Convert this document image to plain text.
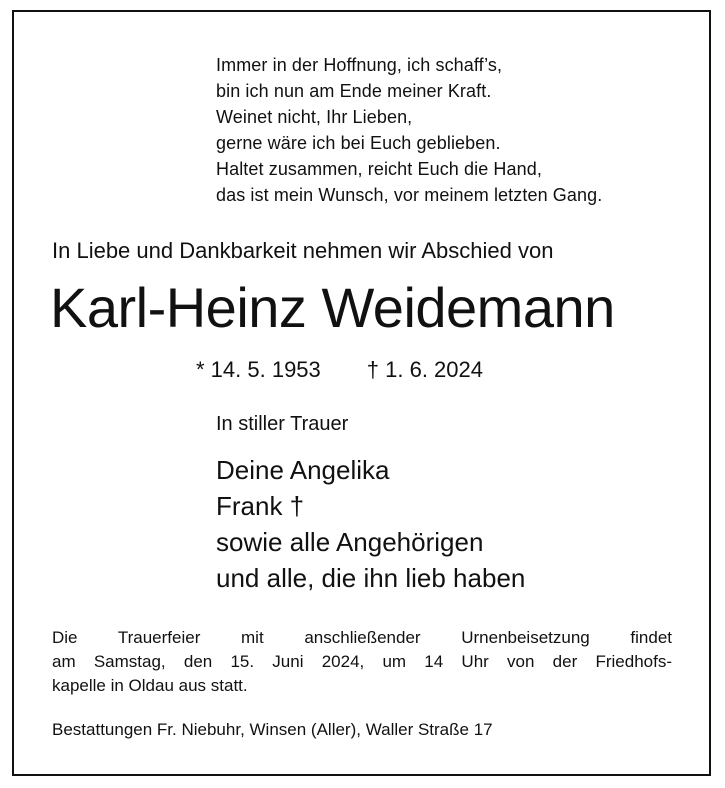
Immer in der Hoffnung, ich schaff’s,
bin ich nun am Ende meiner Kraft.
Weinet nicht, Ihr Lieben,
gerne wäre ich bei Euch geblieben.
Haltet zusammen, reicht Euch die Hand,
das ist mein Wunsch, vor meinem letzten Gang.
In Liebe und Dankbarkeit nehmen wir Abschied von
Karl-Heinz Weidemann
* 14. 5. 1953 † 1. 6. 2024
In stiller Trauer
Deine Angelika
Frank †
sowie alle Angehörigen
und alle, die ihn lieb haben
Die Trauerfeier mit anschließender Urnenbeisetzung findet
am Samstag, den 15. Juni 2024, um 14 Uhr von der Friedhofs-
kapelle in Oldau aus statt.
Bestattungen Fr. Niebuhr, Winsen (Aller), Waller Straße 17
